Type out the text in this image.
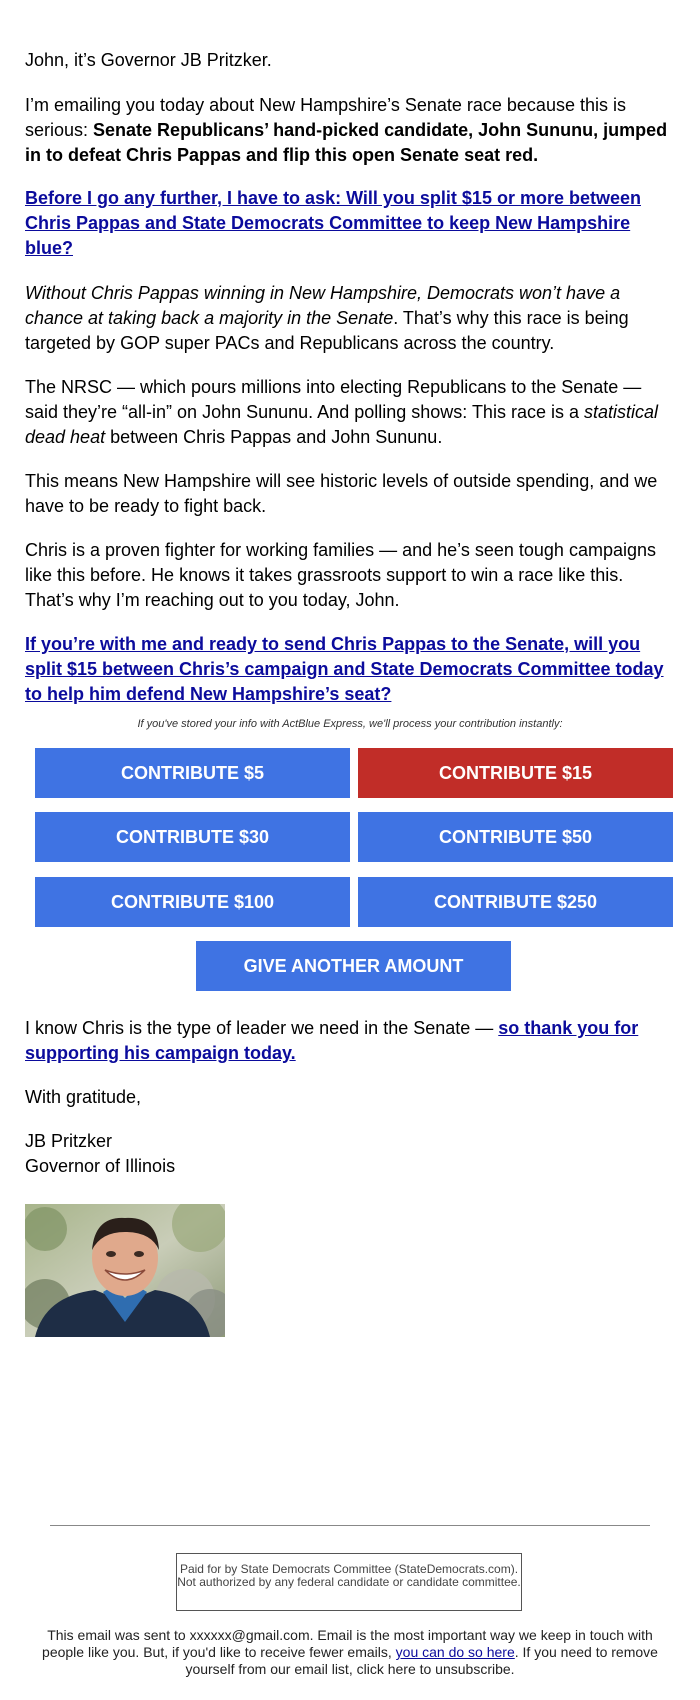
John, it’s Governor JB Pritzker.

I’m emailing you today about New Hampshire’s Senate race because this is serious: Senate Republicans’ hand-picked candidate, John Sununu, jumped in to defeat Chris Pappas and flip this open Senate seat red.

Before I go any further, I have to ask: Will you split $15 or more between Chris Pappas and State Democrats Committee to keep New Hampshire blue?

Without Chris Pappas winning in New Hampshire, Democrats won’t have a chance at taking back a majority in the Senate. That’s why this race is being targeted by GOP super PACs and Republicans across the country.

The NRSC — which pours millions into electing Republicans to the Senate — said they’re “all-in” on John Sununu. And polling shows: This race is a statistical dead heat between Chris Pappas and John Sununu.

This means New Hampshire will see historic levels of outside spending, and we have to be ready to fight back.

Chris is a proven fighter for working families — and he’s seen tough campaigns like this before. He knows it takes grassroots support to win a race like this. That’s why I’m reaching out to you today, John.

If you’re with me and ready to send Chris Pappas to the Senate, will you split $15 between Chris’s campaign and State Democrats Committee today to help him defend New Hampshire’s seat?

If you've stored your info with ActBlue Express, we'll process your contribution instantly:
CONTRIBUTE $5	CONTRIBUTE $15
CONTRIBUTE $30	CONTRIBUTE $50
CONTRIBUTE $100	CONTRIBUTE $250
GIVE ANOTHER AMOUNT

I know Chris is the type of leader we need in the Senate — so thank you for supporting his campaign today.

With gratitude,

JB Pritzker

Governor of Illinois

Paid for by State Democrats Committee (StateDemocrats.com). Not authorized by any federal candidate or candidate committee.
This email was sent to xxxxxx@gmail.com. Email is the most important way we keep in touch with people like you. But, if you'd like to receive fewer emails, you can do so here. If you need to remove yourself from our email list, click here to unsubscribe.
